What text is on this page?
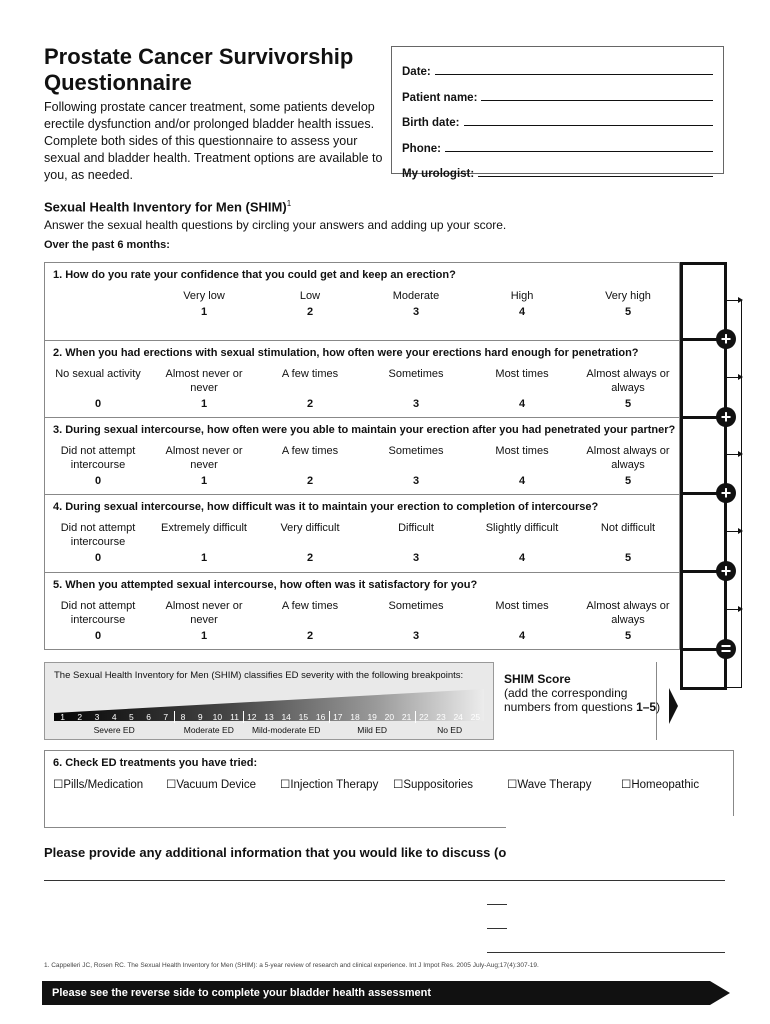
Prostate Cancer Survivorship Questionnaire
Following prostate cancer treatment, some patients develop erectile dysfunction and/or prolonged bladder health issues. Complete both sides of this questionnaire to assess your sexual and bladder health. Treatment options are available to you, as needed.
Date:
Patient name:
Birth date:
Phone:
My urologist:
Sexual Health Inventory for Men (SHIM)$^1$
Answer the sexual health questions by circling your answers and adding up your score.
Over the past 6 months:
1. How do you rate your confidence that you could get and keep an erection?
Very low
1
Low
2
Moderate
3
High
4
Very high
5
2. When you had erections with sexual stimulation, how often were your erections hard enough for penetration?
No sexual activity
0
Almost never or never
1
A few times
2
Sometimes
3
Most times
4
Almost always or always
5
3. During sexual intercourse, how often were you able to maintain your erection after you had penetrated your partner?
Did not attempt intercourse
0
Almost never or never
1
A few times
2
Sometimes
3
Most times
4
Almost always or always
5
4. During sexual intercourse, how difficult was it to maintain your erection to completion of intercourse?
Did not attempt intercourse
0
Extremely difficult
1
Very difficult
2
Difficult
3
Slightly difficult
4
Not difficult
5
5. When you attempted sexual intercourse, how often was it satisfactory for you?
Did not attempt intercourse
0
Almost never or never
1
A few times
2
Sometimes
3
Most times
4
Almost always or always
5
+
+
+
+
=
The Sexual Health Inventory for Men (SHIM) classifies ED severity with the following breakpoints:
1	2	3	4	5	6	7	8	9	10 11 12 13 14 15 16 17 18 19 20 21 22 23 24 25
Severe ED	Moderate ED	Mild-moderate ED	Mild ED	No ED
SHIM Score
(add the corresponding
numbers from questions 1–5)
6. Check ED treatments you have tried:
☐Pills/Medication ☐Vacuum Device ☐Injection Therapy ☐Suppositories	☐Wave Therapy	☐Homeopathic
Please provide any additional information that you would like to discuss (o
1. Cappelleri JC, Rosen RC. The Sexual Health Inventory for Men (SHIM): a 5-year review of research and clinical experience. Int J Impot Res. 2005 July-Aug;17(4):307-19.
Please see the reverse side to complete your bladder health assessment
